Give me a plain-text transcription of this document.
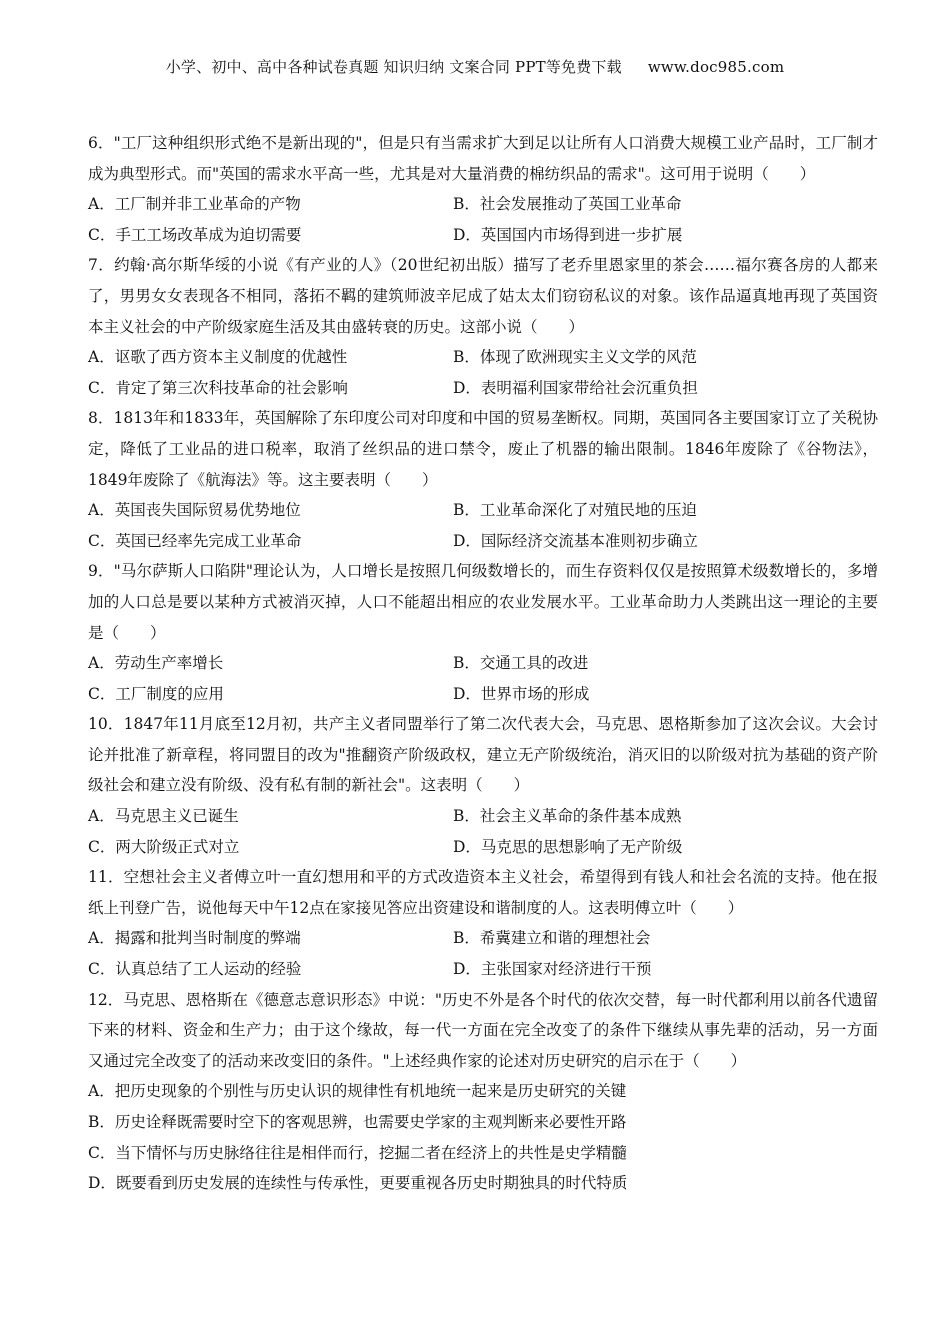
小学、初中、高中各种试卷真题 知识归纳 文案合同 PPT等免费下载 www.doc985.com
6．"工厂这种组织形式绝不是新出现的"，但是只有当需求扩大到足以让所有人口消费大规模工业产品时，工厂制才成为典型形式。而"英国的需求水平高一些，尤其是对大量消费的棉纺织品的需求"。这可用于说明（　　）
A．工厂制并非工业革命的产物	B．社会发展推动了英国工业革命
C．手工工场改革成为迫切需要	D．英国国内市场得到进一步扩展
7．约翰·高尔斯华绥的小说《有产业的人》（20世纪初出版）描写了老乔里恩家里的茶会……福尔赛各房的人都来了，男男女女表现各不相同，落拓不羁的建筑师波辛尼成了姑太太们窃窃私议的对象。该作品逼真地再现了英国资本主义社会的中产阶级家庭生活及其由盛转衰的历史。这部小说（　　）
A．讴歌了西方资本主义制度的优越性	B．体现了欧洲现实主义文学的风范
C．肯定了第三次科技革命的社会影响	D．表明福利国家带给社会沉重负担
8．1813年和1833年，英国解除了东印度公司对印度和中国的贸易垄断权。同期，英国同各主要国家订立了关税协定，降低了工业品的进口税率，取消了丝织品的进口禁令，废止了机器的输出限制。1846年废除了《谷物法》，1849年废除了《航海法》等。这主要表明（　　）
A．英国丧失国际贸易优势地位	B．工业革命深化了对殖民地的压迫
C．英国已经率先完成工业革命	D．国际经济交流基本准则初步确立
9．"马尔萨斯人口陷阱"理论认为，人口增长是按照几何级数增长的，而生存资料仅仅是按照算术级数增长的，多增加的人口总是要以某种方式被消灭掉，人口不能超出相应的农业发展水平。工业革命助力人类跳出这一理论的主要是（　　）
A．劳动生产率增长	B．交通工具的改进
C．工厂制度的应用	D．世界市场的形成
10．1847年11月底至12月初，共产主义者同盟举行了第二次代表大会，马克思、恩格斯参加了这次会议。大会讨论并批准了新章程，将同盟目的改为"推翻资产阶级政权，建立无产阶级统治，消灭旧的以阶级对抗为基础的资产阶级社会和建立没有阶级、没有私有制的新社会"。这表明（　　）
A．马克思主义已诞生	B．社会主义革命的条件基本成熟
C．两大阶级正式对立	D．马克思的思想影响了无产阶级
11．空想社会主义者傅立叶一直幻想用和平的方式改造资本主义社会，希望得到有钱人和社会名流的支持。他在报纸上刊登广告，说他每天中午12点在家接见答应出资建设和谐制度的人。这表明傅立叶（　　）
A．揭露和批判当时制度的弊端	B．希冀建立和谐的理想社会
C．认真总结了工人运动的经验	D．主张国家对经济进行干预
12．马克思、恩格斯在《德意志意识形态》中说："历史不外是各个时代的依次交替，每一时代都利用以前各代遗留下来的材料、资金和生产力；由于这个缘故，每一代一方面在完全改变了的条件下继续从事先辈的活动，另一方面又通过完全改变了的活动来改变旧的条件。"上述经典作家的论述对历史研究的启示在于（　　）
A．把历史现象的个别性与历史认识的规律性有机地统一起来是历史研究的关键
B．历史诠释既需要时空下的客观思辨，也需要史学家的主观判断来必要性开路
C．当下情怀与历史脉络往往是相伴而行，挖掘二者在经济上的共性是史学精髓
D．既要看到历史发展的连续性与传承性，更要重视各历史时期独具的时代特质
